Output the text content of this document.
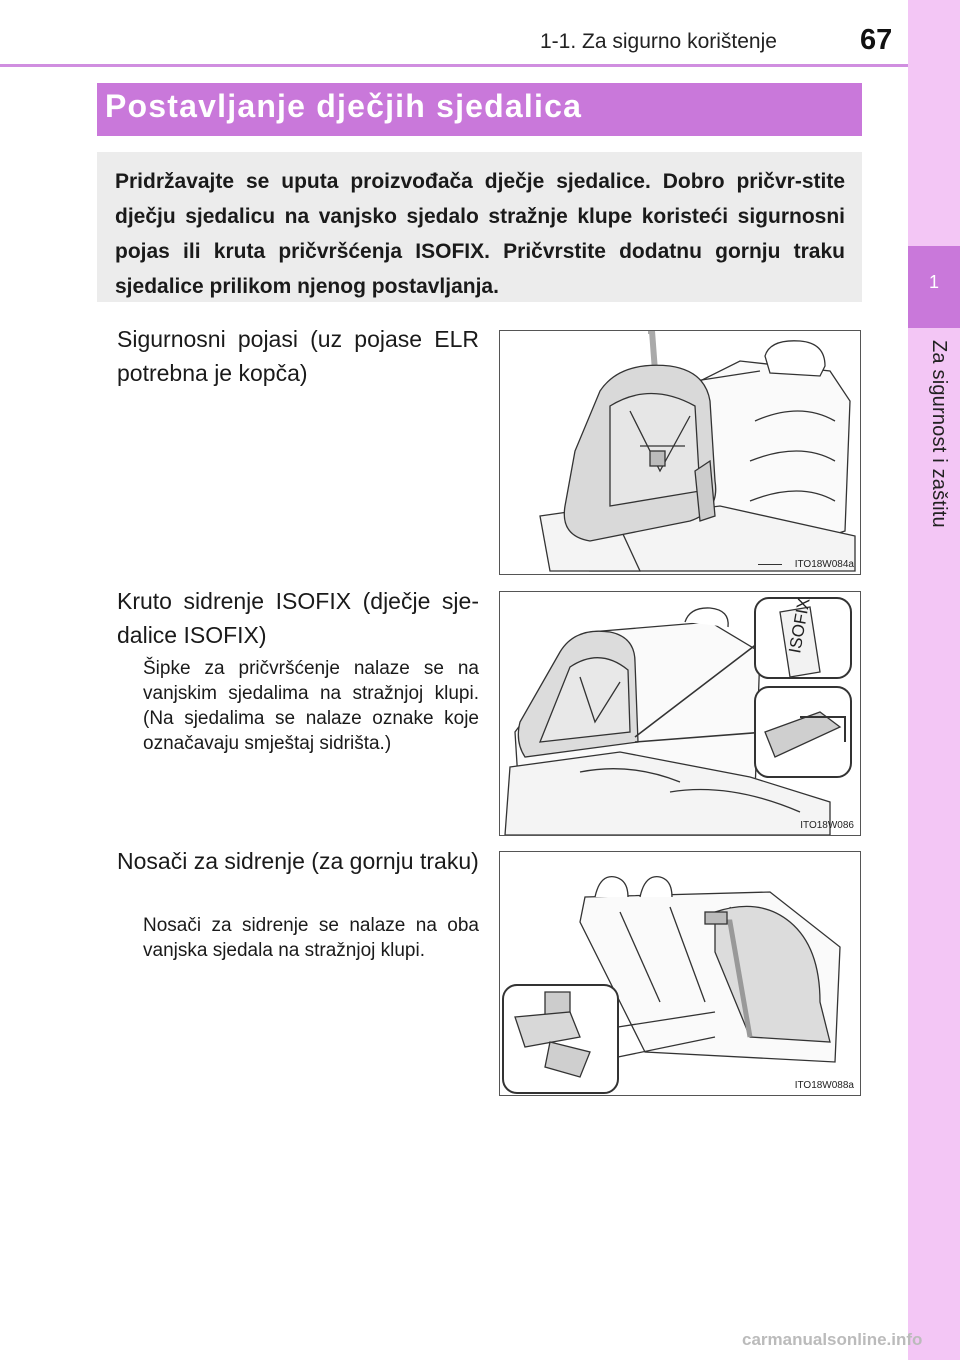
1-1. Za sigurno korištenje	67
1
Za sigurnost i zaštitu
Postavljanje dječjih sjedalica
Pridržavajte se uputa proizvođača dječje sjedalice. Dobro pričvr-stite dječju sjedalicu na vanjsko sjedalo stražnje klupe koristeći sigurnosni pojas ili kruta pričvršćenja ISOFIX. Pričvrstite dodatnu gornju traku sjedalice prilikom njenog postavljanja.
Sigurnosni pojasi (uz pojase ELR potrebna je kopča)
ITO18W084a
Kruto sidrenje ISOFIX (dječje sje-dalice ISOFIX)
Šipke za pričvršćenje nalaze se na vanjskim sjedalima na stražnjoj klupi. (Na sjedalima se nalaze oznake koje označavaju smještaj sidrišta.)
ISOFIX
ITO18W086
Nosači za sidrenje (za gornju traku)
Nosači za sidrenje se nalaze na oba vanjska sjedala na stražnjoj klupi.
ITO18W088a
carmanualsonline.info
